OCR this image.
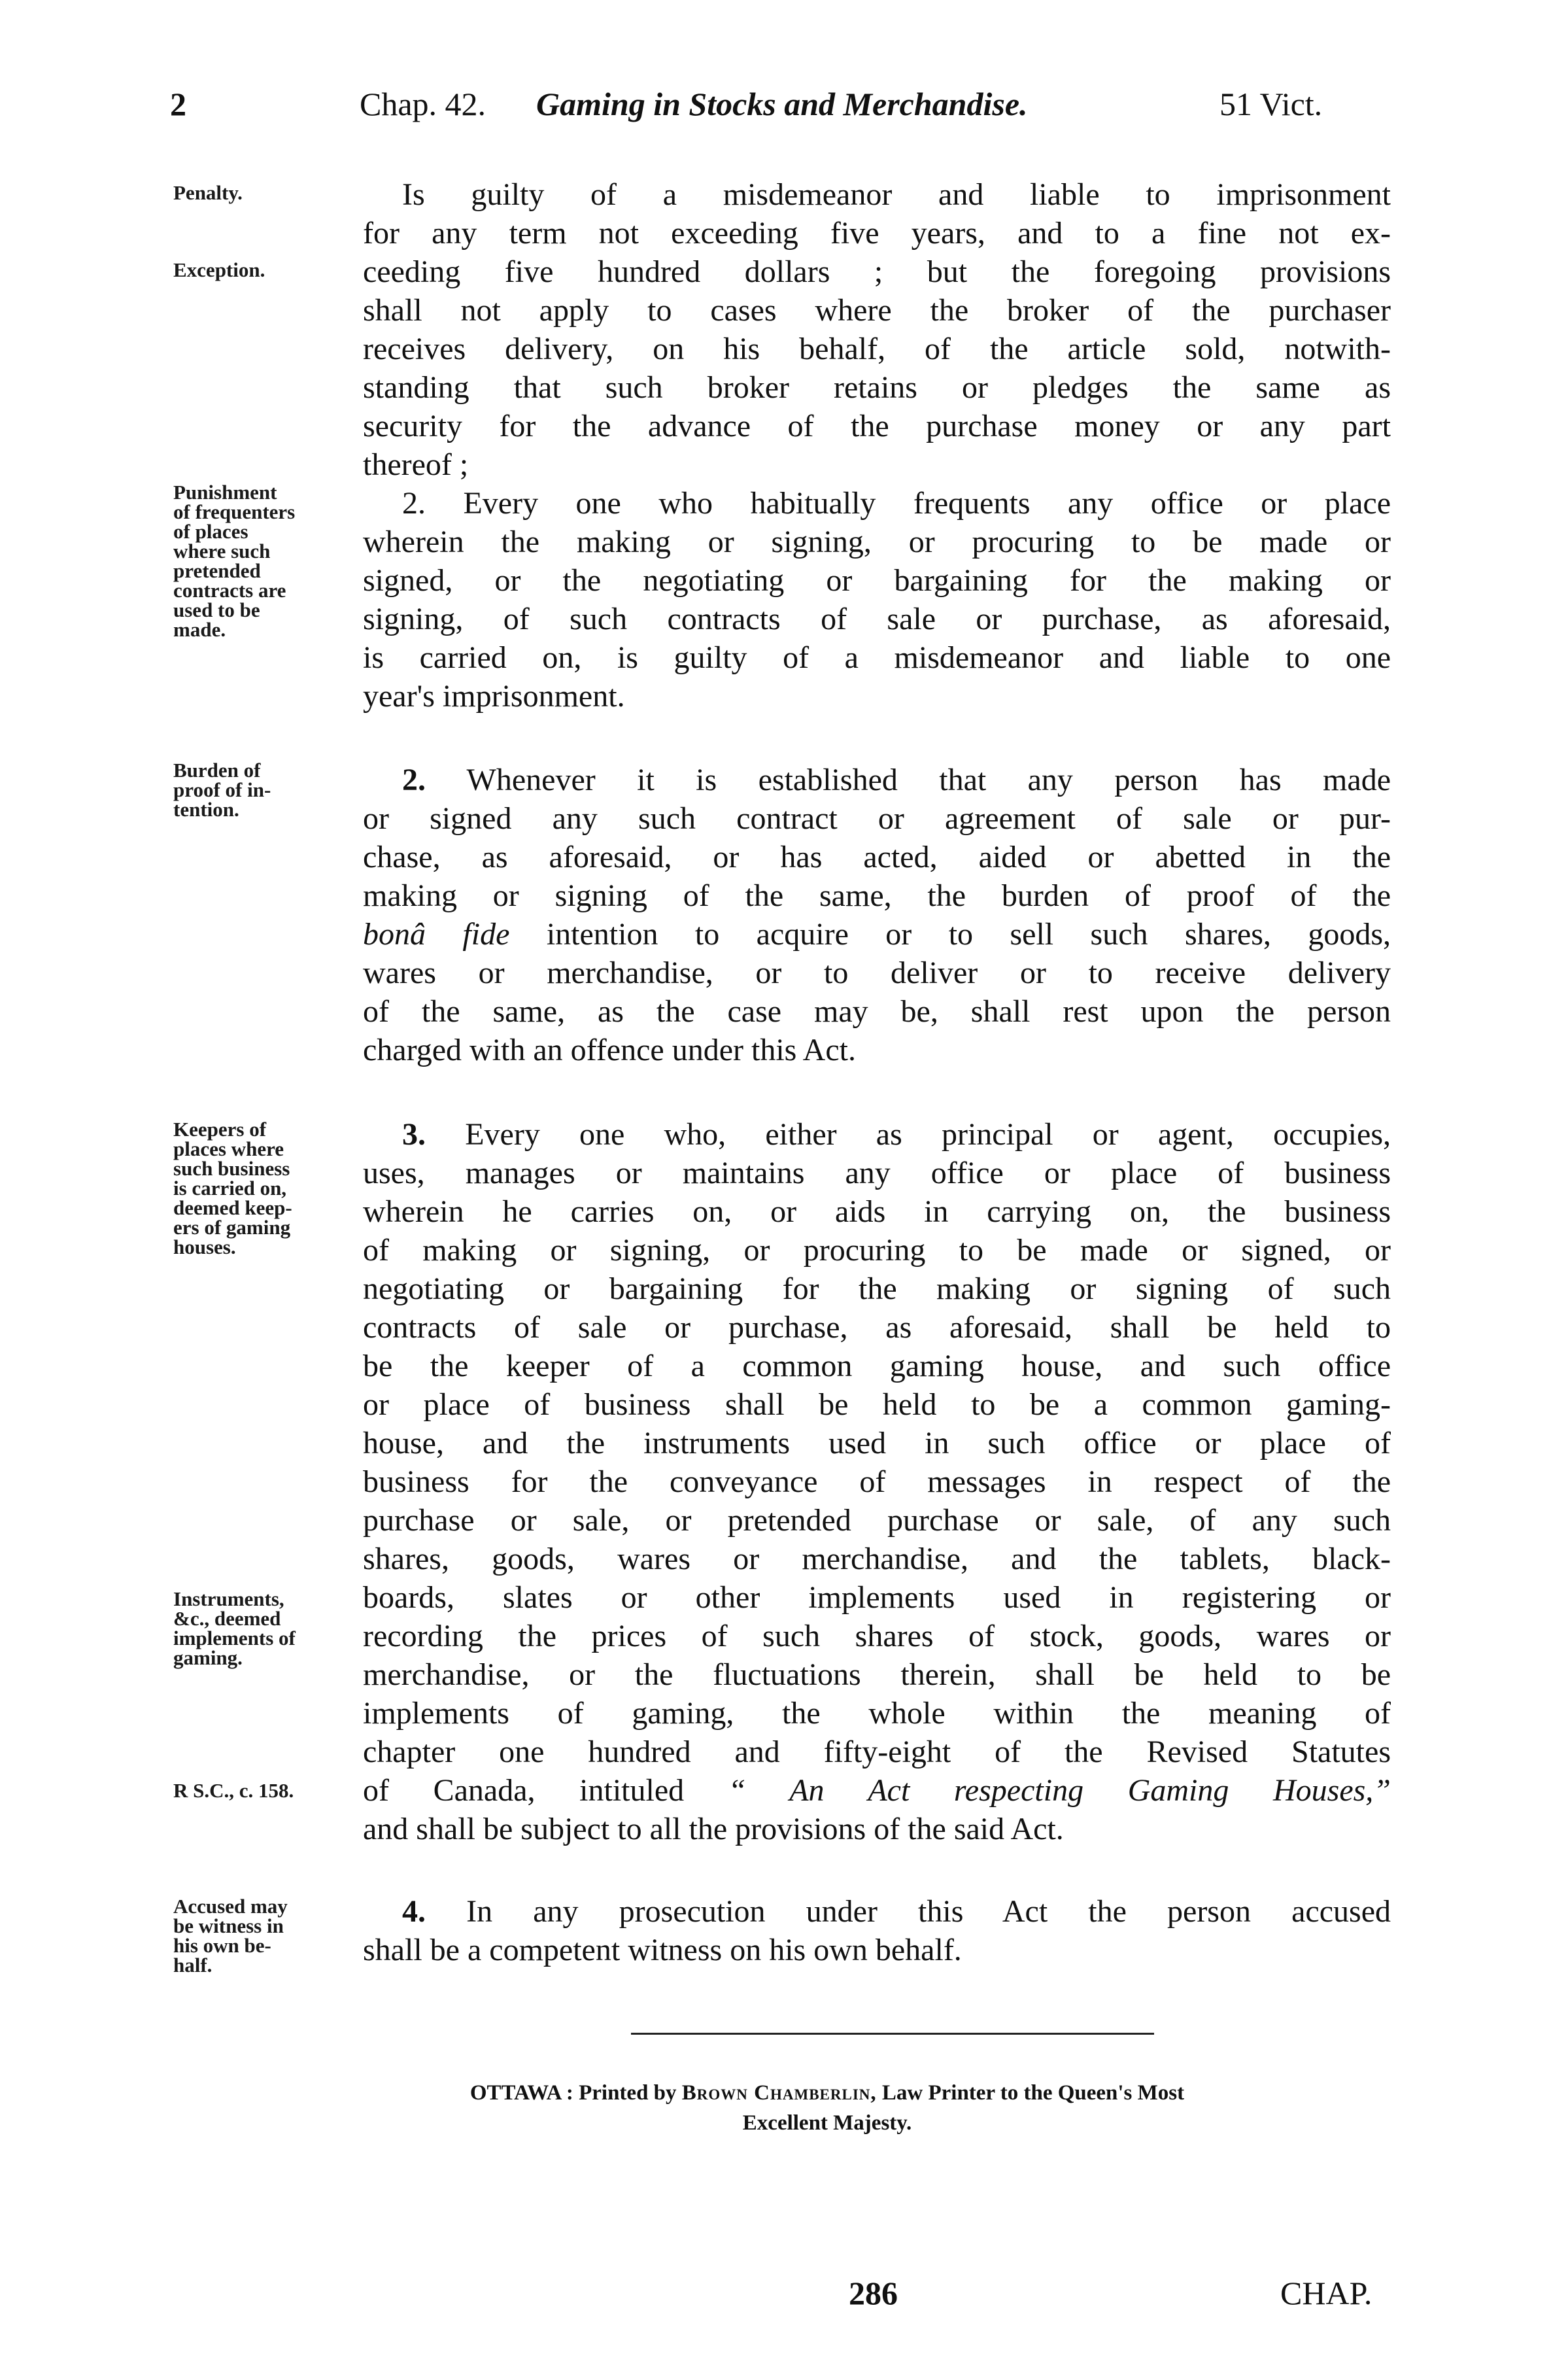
2	Chap. 42. Gaming in Stocks and Merchandise.	51 Vict.
Penalty.
Exception.
Punishment
of frequenters
of places
where such
pretended
contracts are
used to be
made.
Burden of
proof of in-
tention.
Keepers of
places where
such business
is carried on,
deemed keep-
ers of gaming
houses.
Instruments,
&c., deemed
implements of
gaming.
R S.C., c. 158.
Accused may
be witness in
his own be-
half.
Is guilty of a misdemeanor and liable to imprisonment
for any term not exceeding five years, and to a fine not ex-
ceeding five hundred dollars ; but the foregoing provisions
shall not apply to cases where the broker of the purchaser
receives delivery, on his behalf, of the article sold, notwith-
standing that such broker retains or pledges the same as
security for the advance of the purchase money or any part
thereof ;
2. Every one who habitually frequents any office or place
wherein the making or signing, or procuring to be made or
signed, or the negotiating or bargaining for the making or
signing, of such contracts of sale or purchase, as aforesaid,
is carried on, is guilty of a misdemeanor and liable to one
year's imprisonment.
2. Whenever it is established that any person has made
or signed any such contract or agreement of sale or pur-
chase, as aforesaid, or has acted, aided or abetted in the
making or signing of the same, the burden of proof of the
bonâ fide intention to acquire or to sell such shares, goods,
wares or merchandise, or to deliver or to receive delivery
of the same, as the case may be, shall rest upon the person
charged with an offence under this Act.
3. Every one who, either as principal or agent, occupies,
uses, manages or maintains any office or place of business
wherein he carries on, or aids in carrying on, the business
of making or signing, or procuring to be made or signed, or
negotiating or bargaining for the making or signing of such
contracts of sale or purchase, as aforesaid, shall be held to
be the keeper of a common gaming house, and such office
or place of business shall be held to be a common gaming-
house, and the instruments used in such office or place of
business for the conveyance of messages in respect of the
purchase or sale, or pretended purchase or sale, of any such
shares, goods, wares or merchandise, and the tablets, black-
boards, slates or other implements used in registering or
recording the prices of such shares of stock, goods, wares or
merchandise, or the fluctuations therein, shall be held to be
implements of gaming, the whole within the meaning of
chapter one hundred and fifty-eight of the Revised Statutes
of Canada, intituled “ An Act respecting Gaming Houses,”
and shall be subject to all the provisions of the said Act.
4. In any prosecution under this Act the person accused
shall be a competent witness on his own behalf.
OTTAWA : Printed by Brown Chamberlin, Law Printer to the Queen's Most
Excellent Majesty.
286	CHAP.
